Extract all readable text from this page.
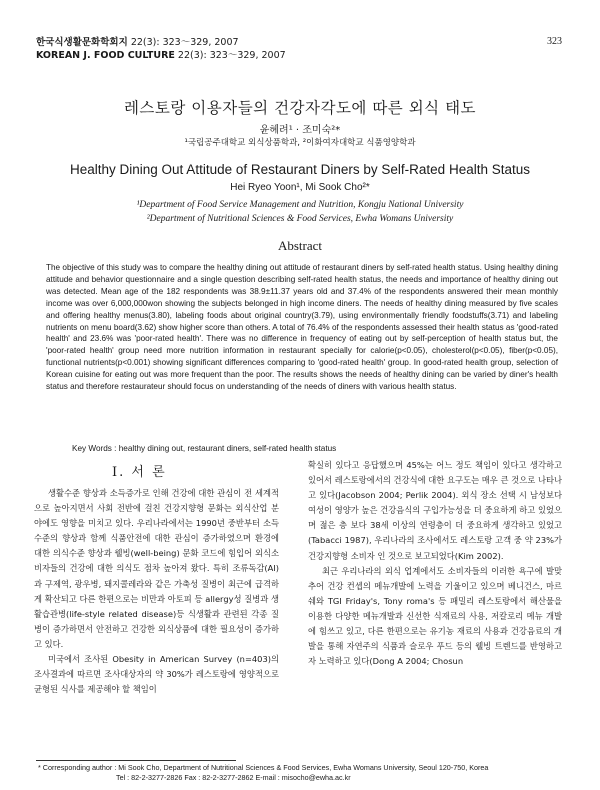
한국식생활문화학회지 22(3): 323～329, 2007
KOREAN J. FOOD CULTURE 22(3): 323～329, 2007
323
레스토랑 이용자들의 건강자각도에 따른 외식 태도
윤혜려¹ · 조미숙²*
¹국립공주대학교 외식상품학과, ²이화여자대학교 식품영양학과
Healthy Dining Out Attitude of Restaurant Diners by Self-Rated Health Status
Hei Ryeo Yoon¹, Mi Sook Cho²*
¹Department of Food Service Management and Nutrition, Kongju National University
²Department of Nutritional Sciences & Food Services, Ewha Womans University
Abstract
The objective of this study was to compare the healthy dining out attitude of restaurant diners by self-rated health status. Using healthy dining attitude and behavior questionnaire and a single question describing self-rated health status, the needs and importance of healthy dining out was detected. Mean age of the 182 respondents was 38.9±11.37 years old and 37.4% of the respondents answered their mean monthly income was over 6,000,000won showing the subjects belonged in high income diners. The needs of healthy dining measured by five scales and offering healthy menus(3.80), labeling foods about original country(3.79), using environmentally friendly foodstuffs(3.71) and labeling nutrients on menu board(3.62) show higher score than others. A total of 76.4% of the respondents assessed their health status as 'good-rated health' and 23.6% was 'poor-rated health'. There was no difference in frequency of eating out by self-perception of health status but, the 'poor-rated health' group need more nutrition information in restaurant specially for calorie(p<0.05), cholesterol(p<0.05), fiber(p<0.05), functional nutrients(p<0.001) showing significant differences comparing to 'good-rated health' group. In good-rated health group, selection of Korean cuisine for eating out was more frequent than the poor. The results shows the needs of healthy dining can be varied by diner's health status and therefore restaurateur should focus on understanding of the needs of diners with various health status.
Key Words : healthy dining out, restaurant diners, self-rated health status
Ⅰ. 서 론

생활수준 향상과 소득증가로 인해 건강에 대한 관심이 전 세계적으로 높아지면서 사회 전반에 걸친 건강지향형 문화는 외식산업 분야에도 영향을 미치고 있다. 우리나라에서는 1990년 중반부터 소득 수준의 향상과 함께 식품안전에 대한 관심이 증가하였으며 환경에 대한 의식수준 향상과 웰빙(well-being) 문화 코드에 힘입어 외식소비자들의 건강에 대한 의식도 점차 높아져 왔다. 특히 조류독감(AI)과 구제역, 광우병, 돼지콜레라와 같은 가축성 질병이 최근에 급격하게 확산되고 다른 한편으로는 비만과 아토피 등 allergy성 질병과 생활습관병(life-style related disease)등 식생활과 관련된 각종 질병이 증가하면서 안전하고 건강한 외식상품에 대한 필요성이 증가하고 있다.

미국에서 조사된 Obesity in American Survey (n=403)의 조사결과에 따르면 조사대상자의 약 30%가 레스토랑에 영양적으로 균형된 식사를 제공해야 할 책임이

확실히 있다고 응답했으며 45%는 어느 정도 책임이 있다고 생각하고 있어서 레스토랑에서의 건강식에 대한 요구도는 매우 큰 것으로 나타나고 있다(Jacobson 2004; Perlik 2004). 외식 장소 선택 시 남성보다 여성이 영양가 높은 건강음식의 구입가능성을 더 중요하게 하고 있었으며 젊은 층 보다 38세 이상의 연령층이 더 중요하게 생각하고 있었고(Tabacci 1987), 우리나라의 조사에서도 레스토랑 고객 중 약 23%가 건강지향형 소비자 인 것으로 보고되었다(Kim 2002).

최근 우리나라의 외식 업계에서도 소비자들의 이러한 욕구에 발맞추어 건강 컨셉의 메뉴개발에 노력을 기울이고 있으며 베니건스, 마르쉐와 TGI Friday's, Tony roma's 등 패밀리 레스토랑에서 해산물을 이용한 다양한 메뉴개발과 신선한 식재료의 사용, 저칼로리 메뉴 개발에 힘쓰고 있고, 다른 한편으로는 유기농 재료의 사용과 건강음료의 개발을 통해 자연주의 식품과 슬로우 푸드 등의 웰빙 트렌드를 반영하고자 노력하고 있다(Dong A 2004; Chosun

* Corresponding author : Mi Sook Cho, Department of Nutritional Sciences & Food Services, Ewha Womans University, Seoul 120-750, Korea
Tel : 82-2-3277-2826 Fax : 82-2-3277-2862 E-mail : misocho@ewha.ac.kr
